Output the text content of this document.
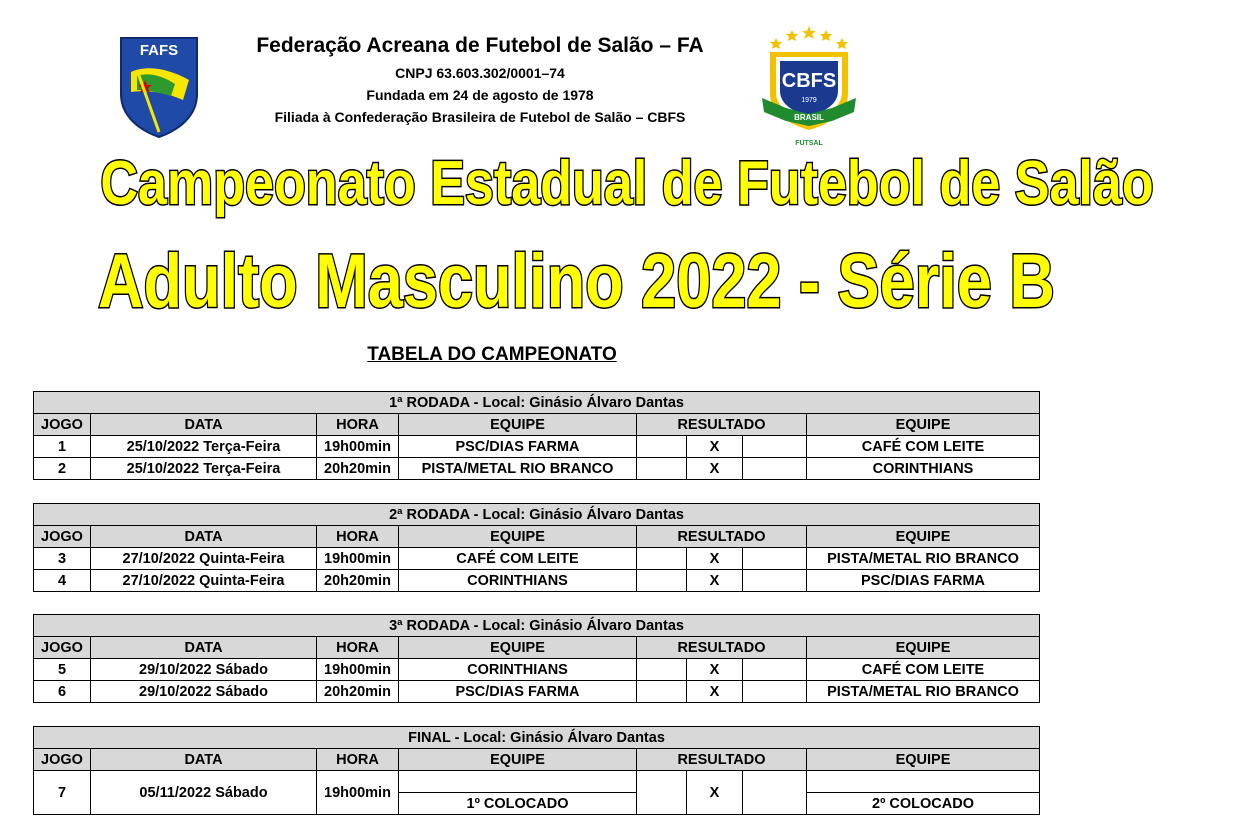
FAFS	Federação Acreana de Futebol de Salão – FA
CNPJ 63.603.302/0001–74
Fundada em 24 de agosto de 1978
Filiada à Confederação Brasileira de Futebol de Salão – CBFS
CBFS
1979
BRASIL
FUTSAL
Campeonato Estadual de Futebol de Salão
Adulto Masculino 2022 - Série B
TABELA DO CAMPEONATO
1ª RODADA - Local: Ginásio Álvaro Dantas							
JOGO	DATA	HORA	EQUIPE	RESULTADO			EQUIPE
1	25/10/2022 Terça-Feira	19h00min	PSC/DIAS FARMA		X		CAFÉ COM LEITE
2	25/10/2022 Terça-Feira	20h20min	PISTA/METAL RIO BRANCO		X		CORINTHIANS
2ª RODADA - Local: Ginásio Álvaro Dantas							
JOGO	DATA	HORA	EQUIPE	RESULTADO			EQUIPE
3	27/10/2022 Quinta-Feira	19h00min	CAFÉ COM LEITE		X		PISTA/METAL RIO BRANCO
4	27/10/2022 Quinta-Feira	20h20min	CORINTHIANS		X		PSC/DIAS FARMA
3ª RODADA - Local: Ginásio Álvaro Dantas							
JOGO	DATA	HORA	EQUIPE	RESULTADO			EQUIPE
5	29/10/2022 Sábado	19h00min	CORINTHIANS		X		CAFÉ COM LEITE
6	29/10/2022 Sábado	20h20min	PSC/DIAS FARMA		X		PISTA/METAL RIO BRANCO
FINAL - Local: Ginásio Álvaro Dantas							
JOGO	DATA	HORA	EQUIPE	RESULTADO			EQUIPE
7	05/11/2022 Sábado	19h00min			X		
			1º COLOCADO				2º COLOCADO
